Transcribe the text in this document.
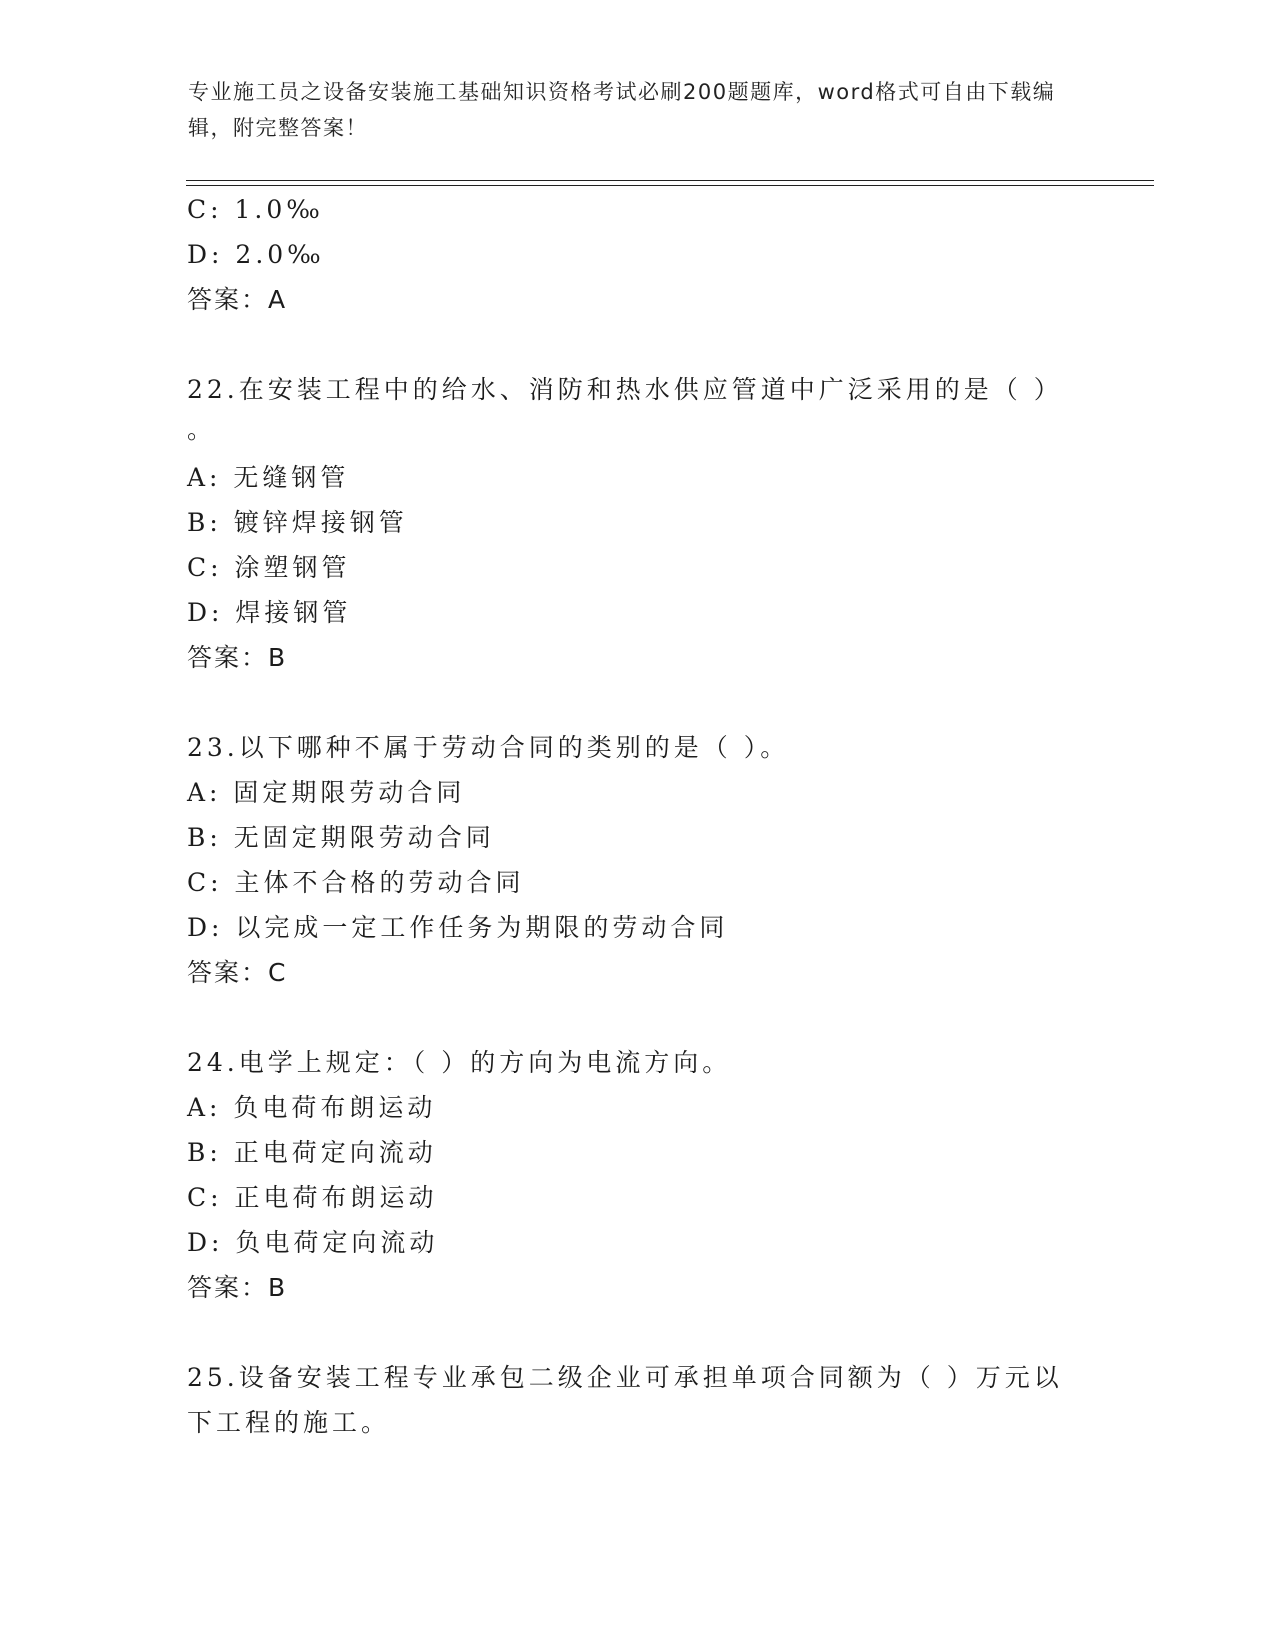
专业施工员之设备安装施工基础知识资格考试必刷200题题库，word格式可自由下载编辑，附完整答案！
C: 1.0‰
D: 2.0‰
答案：A
22.在安装工程中的给水、消防和热水供应管道中广泛采用的是（ ）
。
A: 无缝钢管
B: 镀锌焊接钢管
C: 涂塑钢管
D: 焊接钢管
答案：B
23.以下哪种不属于劳动合同的类别的是（ ）。
A: 固定期限劳动合同
B: 无固定期限劳动合同
C: 主体不合格的劳动合同
D: 以完成一定工作任务为期限的劳动合同
答案：C
24.电学上规定：（ ）的方向为电流方向。
A: 负电荷布朗运动
B: 正电荷定向流动
C: 正电荷布朗运动
D: 负电荷定向流动
答案：B
25.设备安装工程专业承包二级企业可承担单项合同额为（ ）万元以
下工程的施工。
